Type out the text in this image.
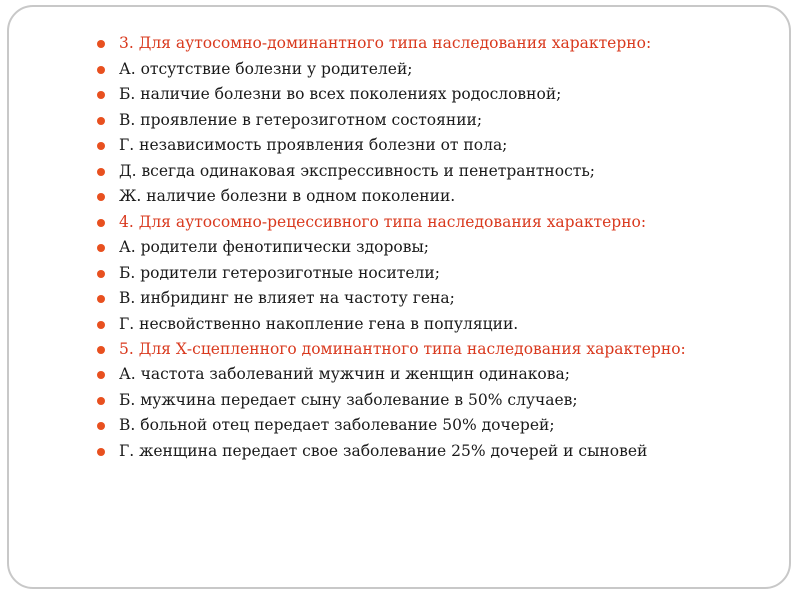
3. Для аутосомно-доминантного типа наследования характерно:
А. отсутствие болезни у родителей;
Б. наличие болезни во всех поколениях родословной;
В. проявление в гетерозиготном состоянии;
Г. независимость проявления болезни от пола;
Д. всегда одинаковая экспрессивность и пенетрантность;
Ж. наличие болезни в одном поколении.
4. Для аутосомно-рецессивного типа наследования характерно:
А. родители фенотипически здоровы;
Б. родители гетерозиготные носители;
В. инбридинг не влияет на частоту гена;
Г. несвойственно накопление гена в популяции.
5. Для Х-сцепленного доминантного типа наследования характерно:
А. частота заболеваний мужчин и женщин одинакова;
Б. мужчина передает сыну заболевание в 50% случаев;
В. больной отец передает заболевание 50% дочерей;
Г. женщина передает свое заболевание 25% дочерей и сыновей
